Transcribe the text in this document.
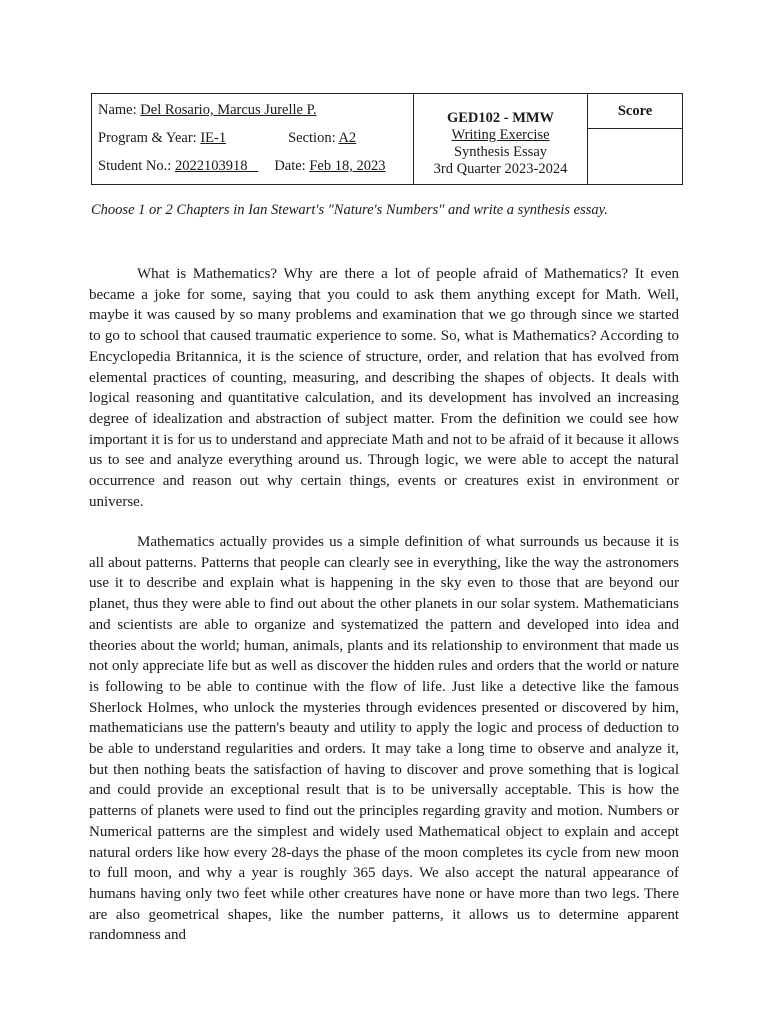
Name: Del Rosario, Marcus Jurelle P.
Program & Year: IE-1	Section: A2
Student No.: 2022103918 Date: Feb 18, 2023

GED102 - MMW
Writing Exercise
Synthesis Essay
3rd Quarter 2023-2024
	Score

Choose 1 or 2 Chapters in Ian Stewart's "Nature's Numbers" and write a synthesis essay.

What is Mathematics? Why are there a lot of people afraid of Mathematics? It even became a joke for some, saying that you could to ask them anything except for Math. Well, maybe it was caused by so many problems and examination that we go through since we started to go to school that caused traumatic experience to some. So, what is Mathematics? According to Encyclopedia Britannica, it is the science of structure, order, and relation that has evolved from elemental practices of counting, measuring, and describing the shapes of objects. It deals with logical reasoning and quantitative calculation, and its development has involved an increasing degree of idealization and abstraction of subject matter. From the definition we could see how important it is for us to understand and appreciate Math and not to be afraid of it because it allows us to see and analyze everything around us. Through logic, we were able to accept the natural occurrence and reason out why certain things, events or creatures exist in environment or universe.

Mathematics actually provides us a simple definition of what surrounds us because it is all about patterns. Patterns that people can clearly see in everything, like the way the astronomers use it to describe and explain what is happening in the sky even to those that are beyond our planet, thus they were able to find out about the other planets in our solar system. Mathematicians and scientists are able to organize and systematized the pattern and developed into idea and theories about the world; human, animals, plants and its relationship to environment that made us not only appreciate life but as well as discover the hidden rules and orders that the world or nature is following to be able to continue with the flow of life. Just like a detective like the famous Sherlock Holmes, who unlock the mysteries through evidences presented or discovered by him, mathematicians use the pattern's beauty and utility to apply the logic and process of deduction to be able to understand regularities and orders. It may take a long time to observe and analyze it, but then nothing beats the satisfaction of having to discover and prove something that is logical and could provide an exceptional result that is to be universally acceptable. This is how the patterns of planets were used to find out the principles regarding gravity and motion. Numbers or Numerical patterns are the simplest and widely used Mathematical object to explain and accept natural orders like how every 28-days the phase of the moon completes its cycle from new moon to full moon, and why a year is roughly 365 days. We also accept the natural appearance of humans having only two feet while other creatures have none or have more than two legs. There are also geometrical shapes, like the number patterns, it allows us to determine apparent randomness and
